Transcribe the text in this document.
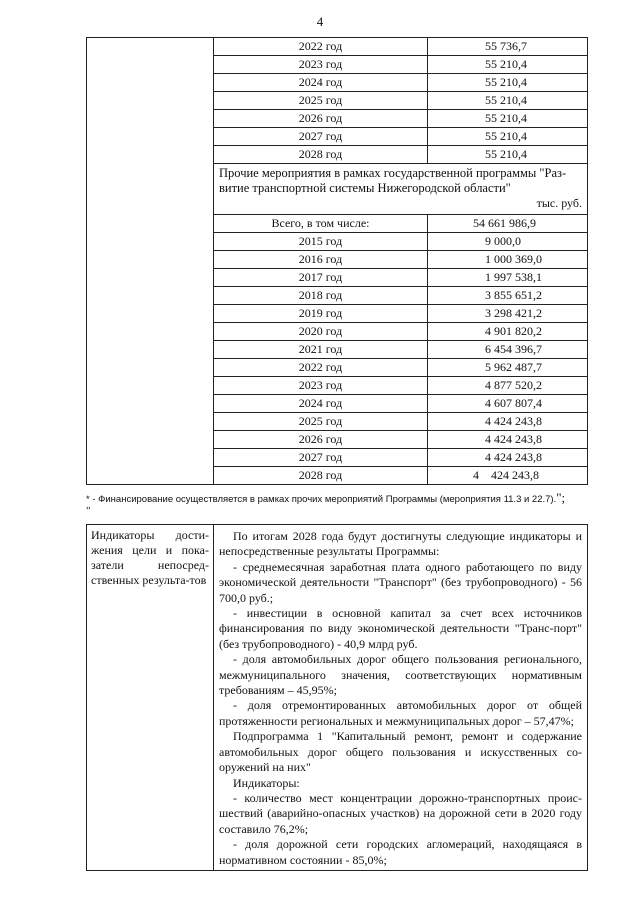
4
	2022 год	55 736,7
	2023 год	55 210,4
	2024 год	55 210,4
	2025 год	55 210,4
	2026 год	55 210,4
	2027 год	55 210,4
	2028 год	55 210,4

	Прочие мероприятия в рамках государственной программы "Раз-витие транспортной системы Нижегородской области"
тыс. руб.	

	Всего, в том числе:	54 661 986,9
	2015 год	9 000,0
	2016 год	1 000 369,0
	2017 год	1 997 538,1
	2018 год	3 855 651,2
	2019 год	3 298 421,2
	2020 год	4 901 820,2
	2021 год	6 454 396,7
	2022 год	5 962 487,7
	2023 год	4 877 520,2
	2024 год	4 607 807,4
	2025 год	4 424 243,8
	2026 год	4 424 243,8
	2027 год	4 424 243,8
	2028 год	4    424 243,8
* - Финансирование осуществляется в рамках прочих мероприятий Программы (мероприятия 11.3 и 22.7).";
"
Индикаторы дости-жения цели и пока-затели непосред-ственных результа-тов	

По итогам 2028 года будут достигнуты следующие индикаторы и непосредственные результаты Программы:

- среднемесячная заработная плата одного работающего по виду экономической деятельности "Транспорт" (без трубопроводного) - 56 700,0 руб.;

- инвестиции в основной капитал за счет всех источников финансирования по виду экономической деятельности "Транс-порт" (без трубопроводного) - 40,9 млрд руб.

- доля автомобильных дорог общего пользования регионального, межмуниципального значения, соответствующих нормативным требованиям – 45,95%;

- доля отремонтированных автомобильных дорог от общей протяженности региональных и межмуниципальных дорог – 57,47%;

Подпрограмма 1 "Капитальный ремонт, ремонт и содержание автомобильных дорог общего пользования и искусственных со-оружений на них"

Индикаторы:

- количество мест концентрации дорожно-транспортных проис-шествий (аварийно-опасных участков) на дорожной сети в 2020 году составило 76,2%;

- доля дорожной сети городских агломераций, находящаяся в нормативном состоянии - 85,0%;
